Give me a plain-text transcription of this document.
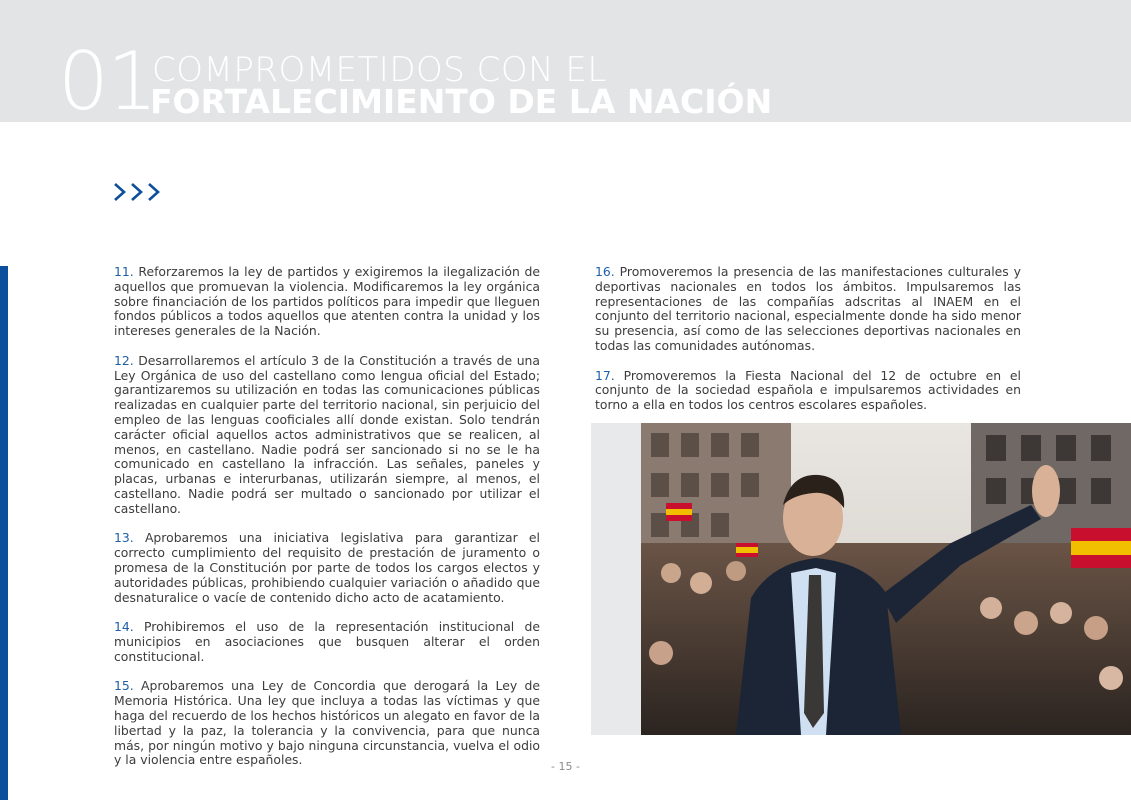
01
COMPROMETIDOS CON EL
FORTALECIMIENTO DE LA NACIÓN

11. Reforzaremos la ley de partidos y exigiremos la ilegalización de aquellos que promuevan la violencia. Modificaremos la ley orgánica sobre financiación de los partidos políticos para impedir que lleguen fondos públicos a todos aquellos que atenten contra la unidad y los intereses generales de la Nación.

12. Desarrollaremos el artículo 3 de la Constitución a través de una Ley Orgánica de uso del castellano como lengua oficial del Estado; garantizaremos su utilización en todas las comunicaciones públicas realizadas en cualquier parte del territorio nacional, sin perjuicio del empleo de las lenguas cooficiales allí donde existan. Solo tendrán carácter oficial aquellos actos administrativos que se realicen, al menos, en castellano. Nadie podrá ser sancionado si no se le ha comunicado en castellano la infracción. Las señales, paneles y placas, urbanas e interurbanas, utilizarán siempre, al menos, el castellano. Nadie podrá ser multado o sancionado por utilizar el castellano.

13. Aprobaremos una iniciativa legislativa para garantizar el correcto cumplimiento del requisito de prestación de juramento o promesa de la Constitución por parte de todos los cargos electos y autoridades públicas, prohibiendo cualquier variación o añadido que desnaturalice o vacíe de contenido dicho acto de acatamiento.

14. Prohibiremos el uso de la representación institucional de municipios en asociaciones que busquen alterar el orden constitucional.

15. Aprobaremos una Ley de Concordia que derogará la Ley de Memoria Histórica. Una ley que incluya a todas las víctimas y que haga del recuerdo de los hechos históricos un alegato en favor de la libertad y la paz, la tolerancia y la convivencia, para que nunca más, por ningún motivo y bajo ninguna circunstancia, vuelva el odio y la violencia entre españoles.

16. Promoveremos la presencia de las manifestaciones culturales y deportivas nacionales en todos los ámbitos. Impulsaremos las representaciones de las compañías adscritas al INAEM en el conjunto del territorio nacional, especialmente donde ha sido menor su presencia, así como de las selecciones deportivas nacionales en todas las comunidades autónomas.

17. Promoveremos la Fiesta Nacional del 12 de octubre en el conjunto de la sociedad española e impulsaremos actividades en torno a ella en todos los centros escolares españoles.

- 15 -
